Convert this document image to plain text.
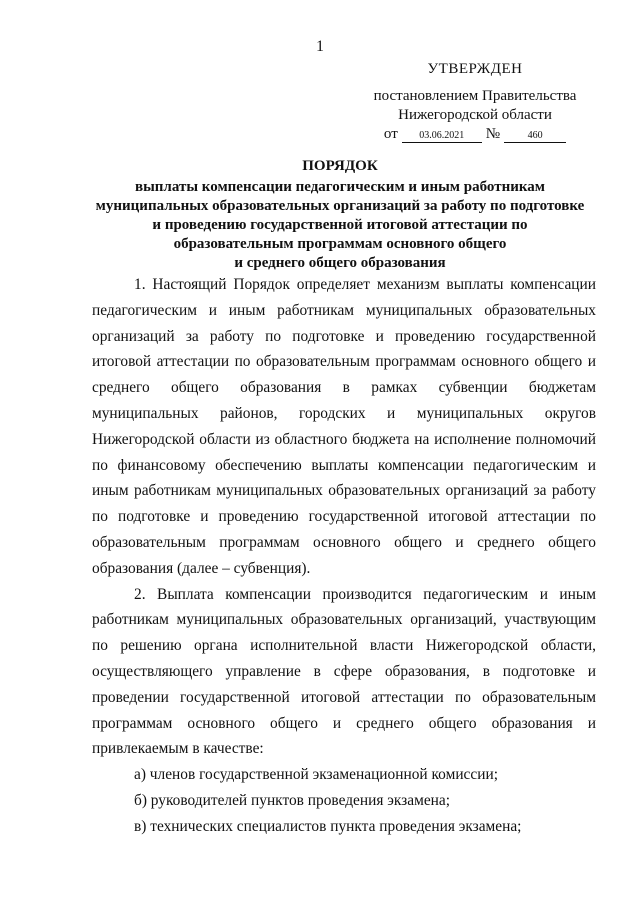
1
УТВЕРЖДЕН
постановлением Правительства
Нижегородской области
от	03.06.2021	№	460
ПОРЯДОК
выплаты компенсации педагогическим и иным работникам
муниципальных образовательных организаций за работу по подготовке
и проведению государственной итоговой аттестации по
образовательным программам основного общего
и среднего общего образования

1. Настоящий Порядок определяет механизм выплаты компенсации педагогическим и иным работникам муниципальных образовательных организаций за работу по подготовке и проведению государственной итоговой аттестации по образовательным программам основного общего и среднего общего образования в рамках субвенции бюджетам муниципальных районов, городских и муниципальных округов Нижегородской области из областного бюджета на исполнение полномочий по финансовому обеспечению выплаты компенсации педагогическим и иным работникам муниципальных образовательных организаций за работу по подготовке и проведению государственной итоговой аттестации по образовательным программам основного общего и среднего общего образования (далее – субвенция).

2. Выплата компенсации производится педагогическим и иным работникам муниципальных образовательных организаций, участвующим по решению органа исполнительной власти Нижегородской области, осуществляющего управление в сфере образования, в подготовке и проведении государственной итоговой аттестации по образовательным программам основного общего и среднего общего образования и привлекаемым в качестве:

а) членов государственной экзаменационной комиссии;

б) руководителей пунктов проведения экзамена;

в) технических специалистов пункта проведения экзамена;
